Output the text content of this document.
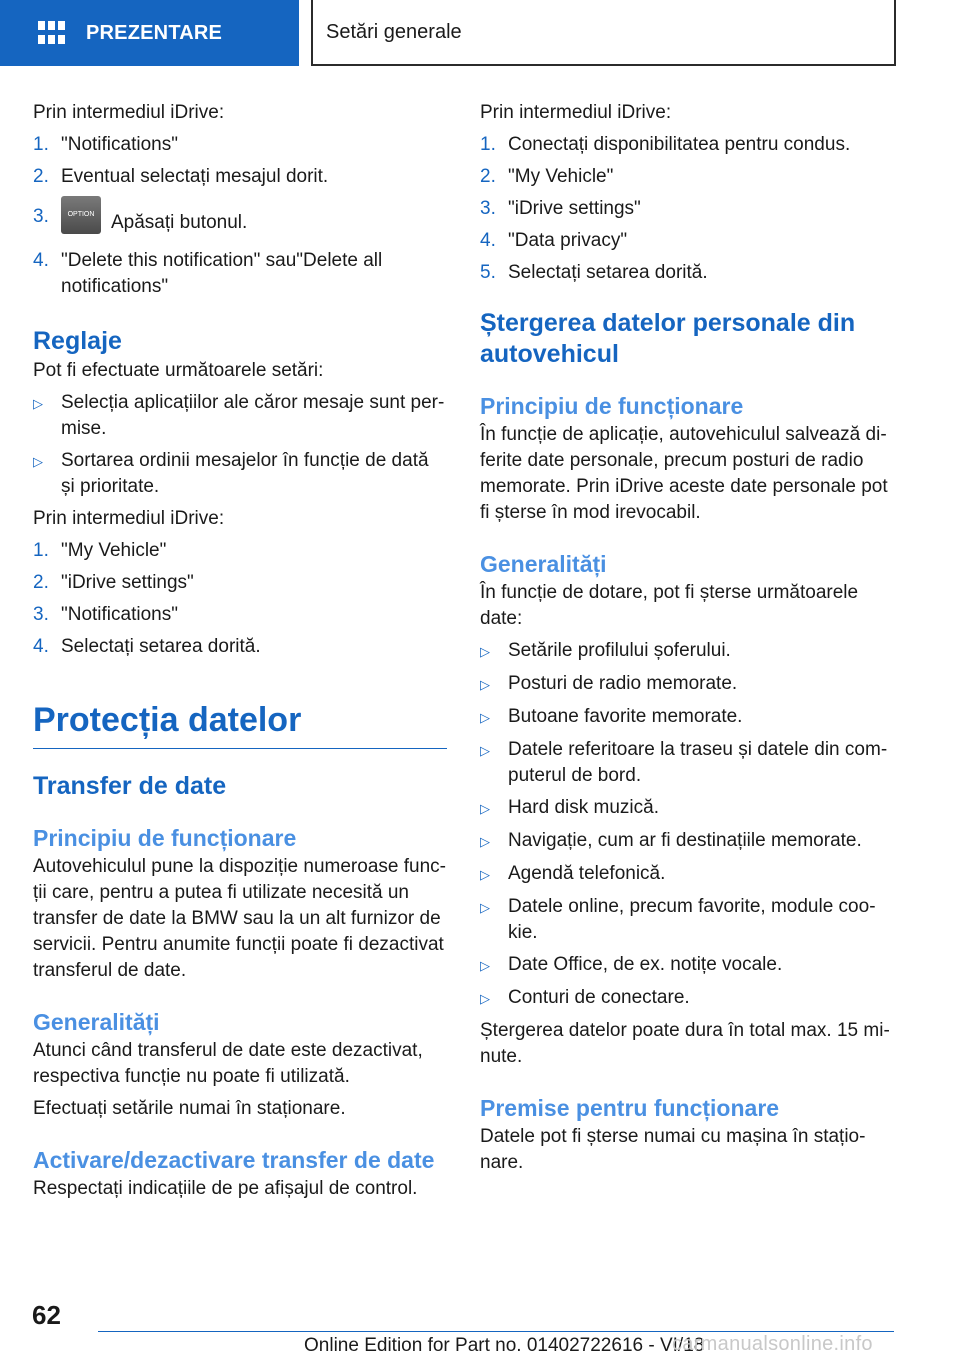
PREZENTARE	Setări generale

Prin intermediul iDrive:

1. "Notifications"
2. Eventual selectați mesajul dorit.
3.	OPTION Apăsați butonul.
4. "Delete this notification" sau"Delete all notifications"
Reglaje

Pot fi efectuate următoarele setări:

▷ Selecția aplicațiilor ale căror mesaje sunt permise.
▷ Sortarea ordinii mesajelor în funcție de dată și prioritate.

Prin intermediul iDrive:

1. "My Vehicle"
2. "iDrive settings"
3. "Notifications"
4. Selectați setarea dorită.
Protecția datelor
Transfer de date
Principiu de funcționare

Autovehiculul pune la dispoziție numeroase funcții care, pentru a putea fi utilizate necesită un transfer de date la BMW sau la un alt furnizor de servicii. Pentru anumite funcții poate fi dezactivat transferul de date.

Generalități

Atunci când transferul de date este dezactivat, respectiva funcție nu poate fi utilizată.

Efectuați setările numai în staționare.

Activare/dezactivare transfer de date

Respectați indicațiile de pe afișajul de control.

Prin intermediul iDrive:

1. Conectați disponibilitatea pentru condus.
2. "My Vehicle"
3. "iDrive settings"
4. "Data privacy"
5. Selectați setarea dorită.
Ștergerea datelor personale din autovehicul
Principiu de funcționare

În funcție de aplicație, autovehiculul salvează diferite date personale, precum posturi de radio memorate. Prin iDrive aceste date personale pot fi șterse în mod irevocabil.

Generalități

În funcție de dotare, pot fi șterse următoarele date:

▷ Setările profilului șoferului.
▷ Posturi de radio memorate.
▷ Butoane favorite memorate.
▷ Datele referitoare la traseu și datele din computerul de bord.
▷ Hard disk muzică.
▷ Navigație, cum ar fi destinațiile memorate.
▷ Agendă telefonică.
▷ Datele online, precum favorite, module cookie.
▷ Date Office, de ex. notițe vocale.
▷ Conturi de conectare.

Ștergerea datelor poate dura în total max. 15 minute.

Premise pentru funcționare

Datele pot fi șterse numai cu mașina în staționare.

62
Online Edition for Part no. 01402722616 - VI/18
carmanualsonline.info
